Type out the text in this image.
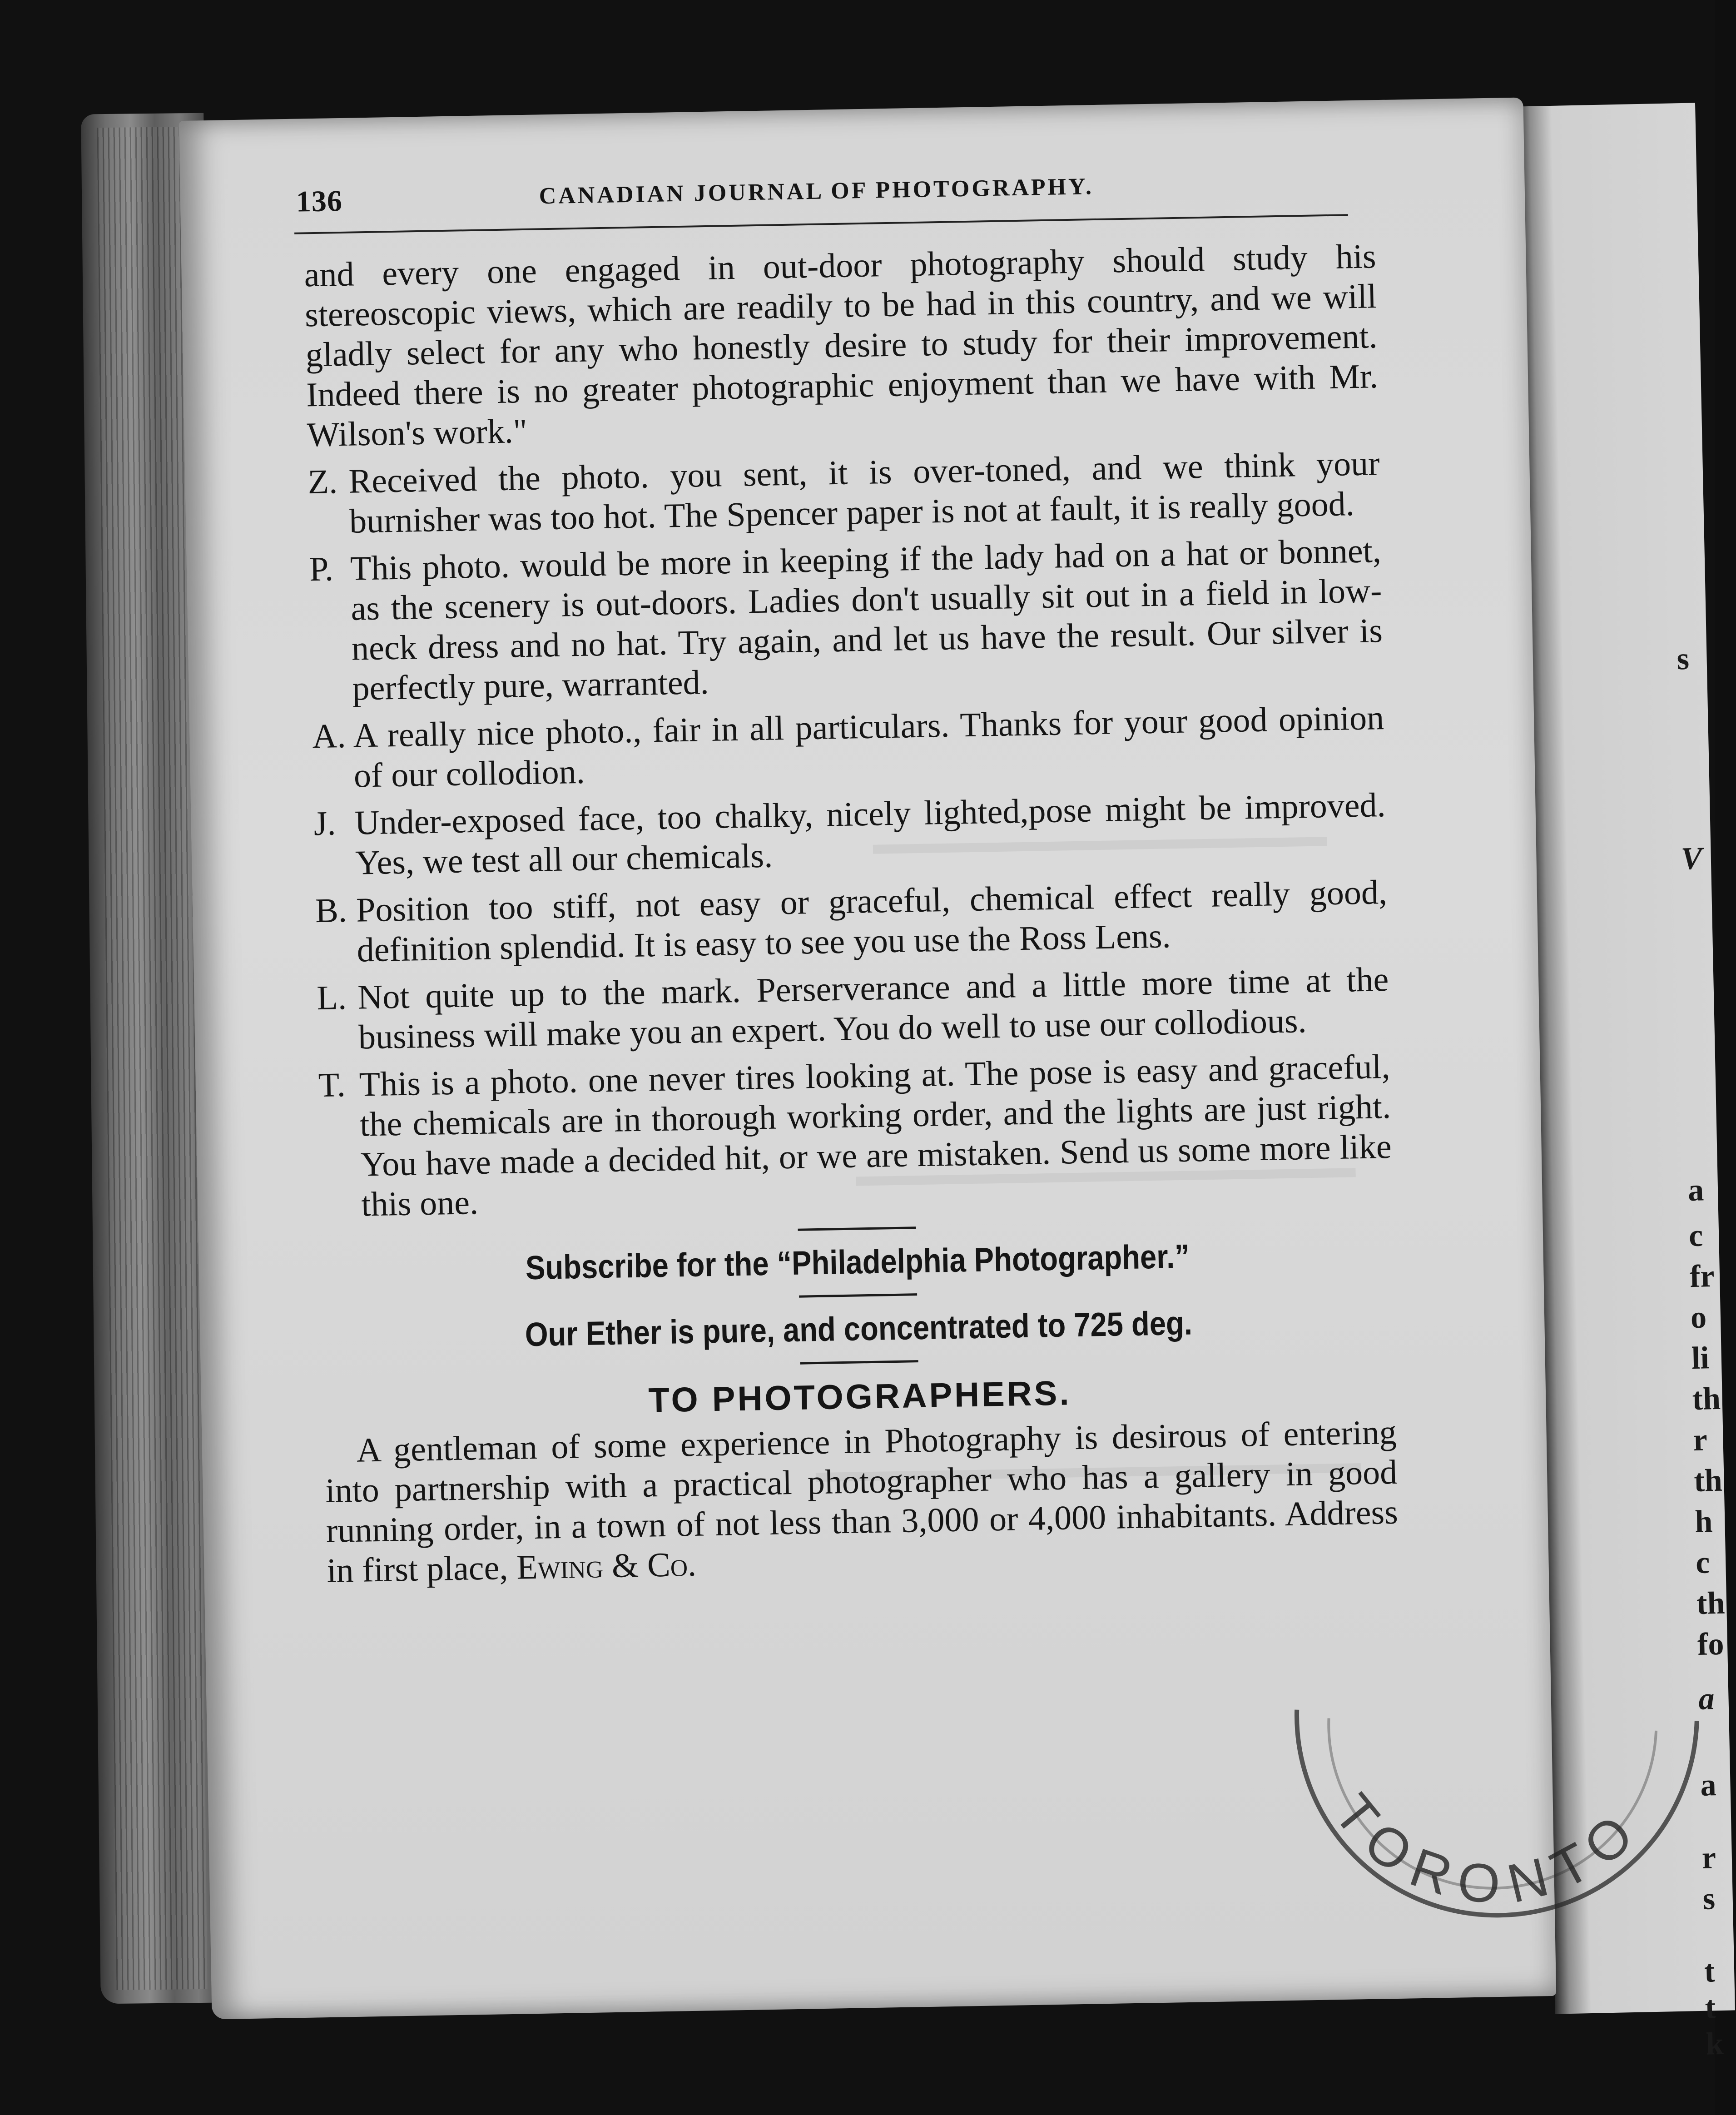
s
V
a
c
fr
o
li
th
r
th
h
c
th
fo
a
a
r
s
t
t
k
136	CANADIAN JOURNAL OF PHOTOGRAPHY.

and every one engaged in out-door photography should study his stereoscopic views, which are readily to be had in this country, and we will gladly select for any who honestly desire to study for their improvement. Indeed there is no greater photographic enjoyment than we have with Mr. Wilson's work."

Z. Received the photo. you sent, it is over-toned, and we think your burnisher was too hot. The Spencer paper is not at fault, it is really good.
P. This photo. would be more in keeping if the lady had on a hat or bonnet, as the scenery is out-doors. Ladies don't usually sit out in a field in low-neck dress and no hat. Try again, and let us have the result. Our silver is perfectly pure, warranted.
A. A really nice photo., fair in all particulars. Thanks for your good opinion of our collodion.
J. Under-exposed face, too chalky, nicely lighted,pose might be improved. Yes, we test all our chemicals.
B. Position too stiff, not easy or graceful, chemical effect really good, definition splendid. It is easy to see you use the Ross Lens.
L. Not quite up to the mark. Perserverance and a little more time at the business will make you an expert. You do well to use our collodious.
T. This is a photo. one never tires looking at. The pose is easy and graceful, the chemicals are in thorough working order, and the lights are just right. You have made a decided hit, or we are mistaken. Send us some more like this one.
Subscribe for the “Philadelphia Photographer.”
Our Ether is pure, and concentrated to 725 deg.
TO PHOTOGRAPHERS.

A gentleman of some experience in Photography is desirous of entering into partnership with a practical photographer who has a gallery in good running order, in a town of not less than 3,000 or 4,000 inhabitants. Address in first place, Ewing & Co.

TORONTO
